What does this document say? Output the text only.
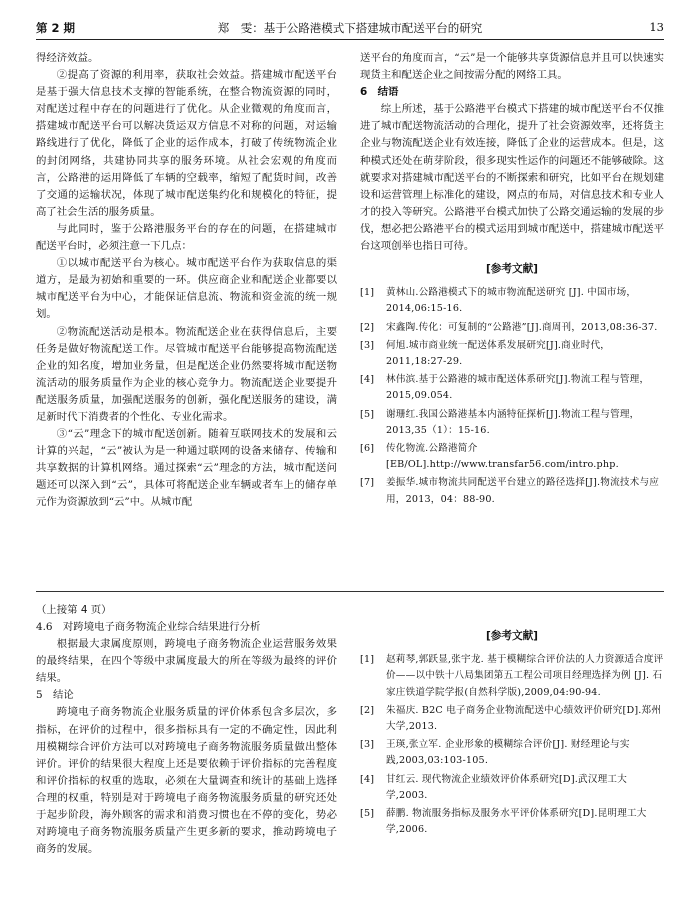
第 2 期	郑　雯：基于公路港模式下搭建城市配送平台的研究	13

得经济效益。

②提高了资源的利用率，获取社会效益。搭建城市配送平台是基于强大信息技术支撑的智能系统，在整合物流资源的同时，对配送过程中存在的问题进行了优化。从企业微观的角度而言，搭建城市配送平台可以解决货运双方信息不对称的问题，对运输路线进行了优化，降低了企业的运作成本，打破了传统物流企业的封闭网络，共建协同共享的服务环境。从社会宏观的角度而言，公路港的运用降低了车辆的空载率，缩短了配货时间，改善了交通的运输状况，体现了城市配送集约化和规模化的特征，提高了社会生活的服务质量。

与此同时，鉴于公路港服务平台的存在的问题，在搭建城市配送平台时，必须注意一下几点：

①以城市配送平台为核心。城市配送平台作为获取信息的渠道方，是最为初始和重要的一环。供应商企业和配送企业都要以城市配送平台为中心，才能保证信息流、物流和资金流的统一规划。

②物流配送活动是根本。物流配送企业在获得信息后，主要任务是做好物流配送工作。尽管城市配送平台能够提高物流配送企业的知名度，增加业务量，但是配送企业仍然要将城市配送物流活动的服务质量作为企业的核心竞争力。物流配送企业要提升配送服务质量，加强配送服务的创新，强化配送服务的建设，满足新时代下消费者的个性化、专业化需求。

③“云”理念下的城市配送创新。随着互联网技术的发展和云计算的兴起，“云”被认为是一种通过联网的设备来储存、传输和共享数据的计算机网络。通过探索“云”理念的方法，城市配送问题还可以深入到“云”，具体可将配送企业车辆或者车上的储存单元作为资源放到“云”中。从城市配

送平台的角度而言，“云”是一个能够共享货源信息并且可以快速实现货主和配送企业之间按需分配的网络工具。

6　结语

综上所述，基于公路港平台模式下搭建的城市配送平台不仅推进了城市配送物流活动的合理化，提升了社会资源效率，还将货主企业与物流配送企业有效连接，降低了企业的运营成本。但是，这种模式还处在萌芽阶段，很多现实性运作的问题还不能够破除。这就要求对搭建城市配送平台的不断探索和研究，比如平台在规划建设和运营管理上标准化的建设，网点的布局，对信息技术和专业人才的投入等研究。公路港平台模式加快了公路交通运输的发展的步伐，想必把公路港平台的模式运用到城市配送中，搭建城市配送平台这项创举也指日可待。

[参考文献]

[1]	黄林山.公路港模式下的城市物流配送研究 [J]. 中国市场，2014,06:15-16.
[2]	宋鑫陶.传化：可复制的“公路港”[J].商周刊，2013,08:36-37.
[3]	何旭.城市商业统一配送体系发展研究[J].商业时代，2011,18:27-29.
[4]	林伟滨.基于公路港的城市配送体系研究[J].物流工程与管理，2015,09.054.
[5]	谢珊红.我国公路港基本内涵特征探析[J].物流工程与管理，2013,35（1）：15-16.
[6]	传化物流.公路港简介[EB/OL].http://www.transfar56.com/intro.php.
[7]	姜振华.城市物流共同配送平台建立的路径选择[J].物流技术与应用，2013，04：88-90.
（上接第 4 页）

4.6　对跨境电子商务物流企业综合结果进行分析

根据最大隶属度原则，跨境电子商务物流企业运营服务效果的最终结果，在四个等级中隶属度最大的所在等级为最终的评价结果。

5　结论

跨境电子商务物流企业服务质量的评价体系包含多层次，多指标，在评价的过程中，很多指标具有一定的不确定性，因此利用模糊综合评价方法可以对跨境电子商务物流服务质量做出整体评价。评价的结果很大程度上还是要依赖于评价指标的完善程度和评价指标的权重的选取，必须在大量调查和统计的基础上选择合理的权重，特别是对于跨境电子商务物流服务质量的研究还处于起步阶段，海外顾客的需求和消费习惯也在不停的变化，势必对跨境电子商务物流服务质量产生更多新的要求，推动跨境电子商务的发展。

[参考文献]

[1]	赵莉琴,郭跃显,张宇龙. 基于模糊综合评价法的人力资源适合度评价——以中铁十八局集团第五工程公司项目经理选择为例 [J]. 石家庄铁道学院学报(自然科学版),2009,04:90-94.
[2]	朱福庆. B2C 电子商务企业物流配送中心绩效评价研究[D].郑州大学,2013.
[3]	王瑛,张立军. 企业形象的模糊综合评价[J]. 财经理论与实践,2003,03:103-105.
[4]	甘红云. 现代物流企业绩效评价体系研究[D].武汉理工大学,2003.
[5]	薛鹏. 物流服务指标及服务水平评价体系研究[D].昆明理工大学,2006.
